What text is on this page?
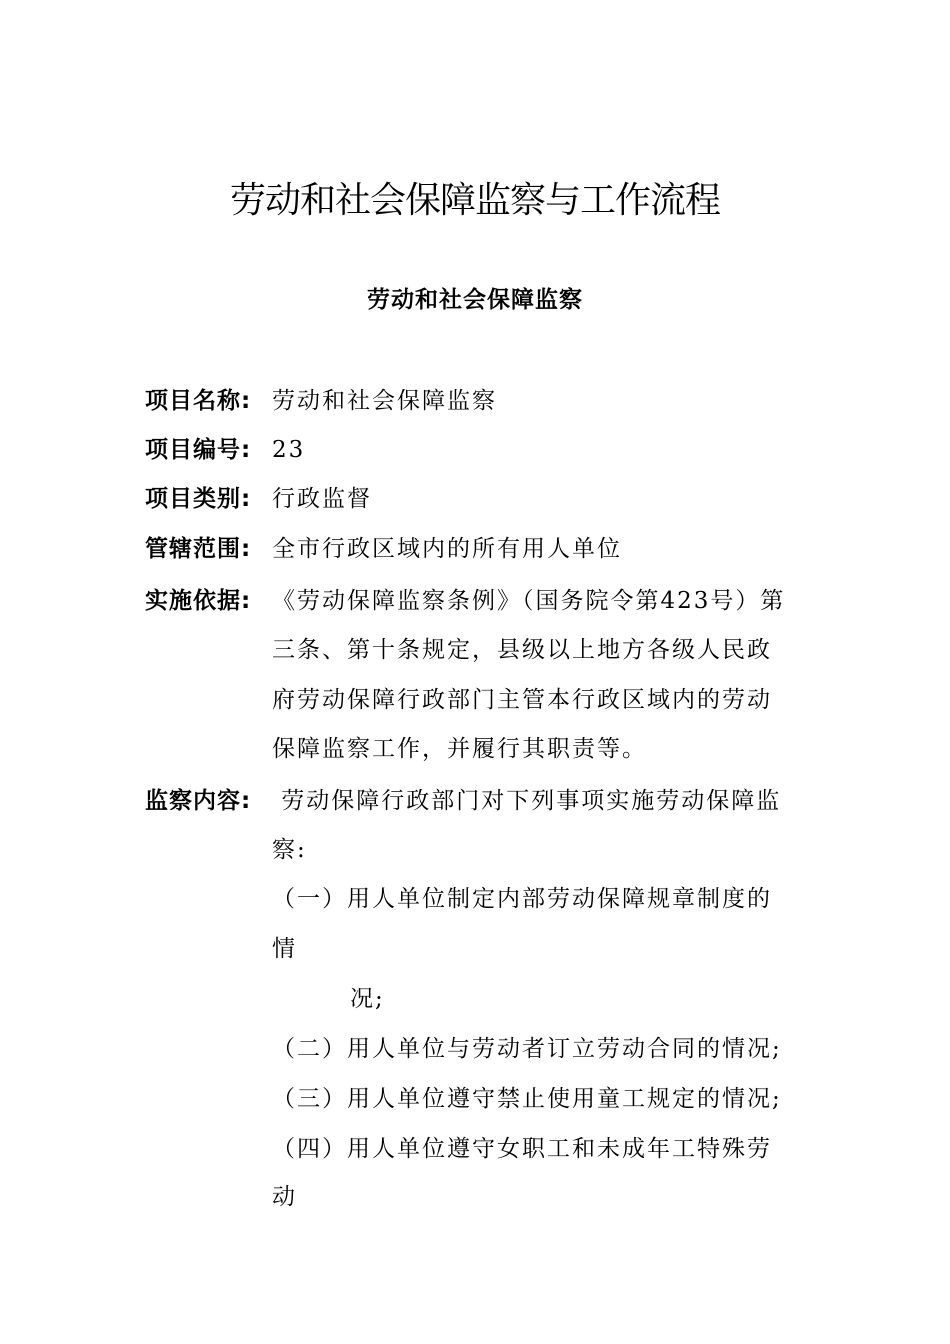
劳动和社会保障监察与工作流程
劳动和社会保障监察
项目名称: 劳动和社会保障监察
项目编号: 23
项目类别: 行政监督
管辖范围: 全市行政区域内的所有用人单位
实施依据: 《劳动保障监察条例》（国务院令第423号）第
三条、第十条规定，县级以上地方各级人民政
府劳动保障行政部门主管本行政区域内的劳动
保障监察工作，并履行其职责等。
监察内容: 劳动保障行政部门对下列事项实施劳动保障监
察:
（一）用人单位制定内部劳动保障规章制度的
情
况;
（二）用人单位与劳动者订立劳动合同的情况;
（三）用人单位遵守禁止使用童工规定的情况;
（四）用人单位遵守女职工和未成年工特殊劳
动
